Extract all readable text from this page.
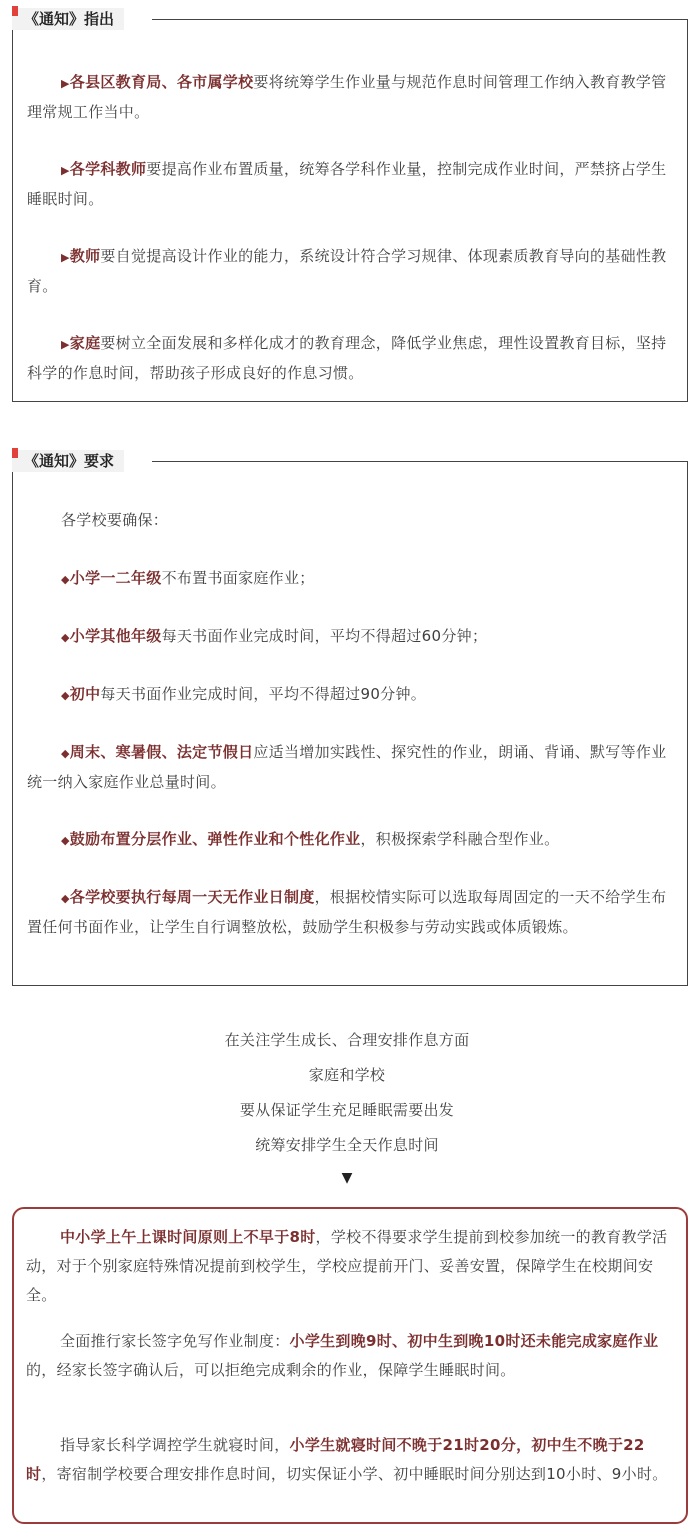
《通知》指出

▶各县区教育局、各市属学校要将统筹学生作业量与规范作息时间管理工作纳入教育教学管理常规工作当中。

▶各学科教师要提高作业布置质量，统筹各学科作业量，控制完成作业时间，严禁挤占学生睡眠时间。

▶教师要自觉提高设计作业的能力，系统设计符合学习规律、体现素质教育导向的基础性教育。

▶家庭要树立全面发展和多样化成才的教育理念，降低学业焦虑，理性设置教育目标，坚持科学的作息时间，帮助孩子形成良好的作息习惯。

《通知》要求

各学校要确保：

◆小学一二年级不布置书面家庭作业；

◆小学其他年级每天书面作业完成时间，平均不得超过60分钟；

◆初中每天书面作业完成时间，平均不得超过90分钟。

◆周末、寒暑假、法定节假日应适当增加实践性、探究性的作业，朗诵、背诵、默写等作业统一纳入家庭作业总量时间。

◆鼓励布置分层作业、弹性作业和个性化作业，积极探索学科融合型作业。

◆各学校要执行每周一天无作业日制度，根据校情实际可以选取每周固定的一天不给学生布置任何书面作业，让学生自行调整放松，鼓励学生积极参与劳动实践或体质锻炼。

在关注学生成长、合理安排作息方面
家庭和学校
要从保证学生充足睡眠需要出发
统筹安排学生全天作息时间
▼

中小学上午上课时间原则上不早于8时，学校不得要求学生提前到校参加统一的教育教学活动，对于个别家庭特殊情况提前到校学生，学校应提前开门、妥善安置，保障学生在校期间安全。

全面推行家长签字免写作业制度：小学生到晚9时、初中生到晚10时还未能完成家庭作业的，经家长签字确认后，可以拒绝完成剩余的作业，保障学生睡眠时间。

指导家长科学调控学生就寝时间，小学生就寝时间不晚于21时20分，初中生不晚于22时，寄宿制学校要合理安排作息时间，切实保证小学、初中睡眠时间分别达到10小时、9小时。
